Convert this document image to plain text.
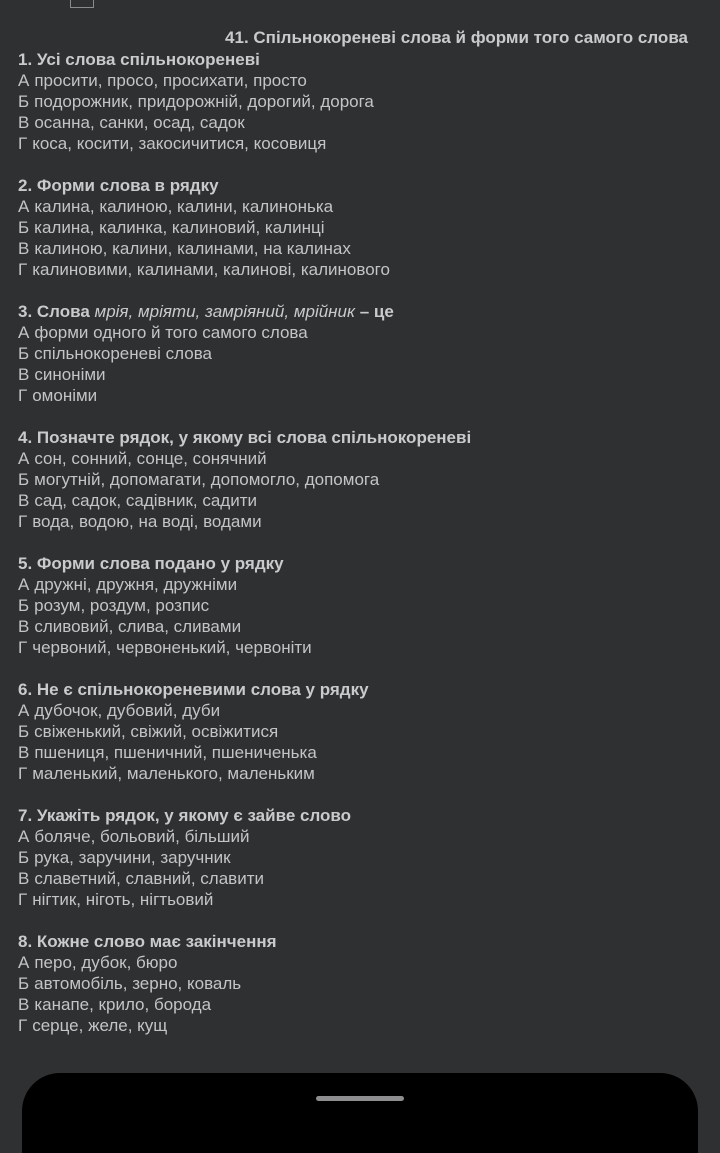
41. Спільнокореневі слова й форми того самого слова
1. Усі слова спільнокореневі
А просити, просо, просихати, просто
Б подорожник, придорожній, дорогий, дорога
В осанна, санки, осад, садок
Г коса, косити, закосичитися, косовиця
2. Форми слова в рядку
А калина, калиною, калини, калинонька
Б калина, калинка, калиновий, калинці
В калиною, калини, калинами, на калинах
Г калиновими, калинами, калинові, калинового
3. Слова мрія, мріяти, замріяний, мрійник – це
А форми одного й того самого слова
Б спільнокореневі слова
В синоніми
Г омоніми
4. Позначте рядок, у якому всі слова спільнокореневі
А сон, сонний, сонце, сонячний
Б могутній, допомагати, допомогло, допомога
В сад, садок, садівник, садити
Г вода, водою, на воді, водами
5. Форми слова подано у рядку
А дружні, дружня, дружніми
Б розум, роздум, розпис
В сливовий, слива, сливами
Г червоний, червоненький, червоніти
6. Не є спільнокореневими слова у рядку
А дубочок, дубовий, дуби
Б свіженький, свіжий, освіжитися
В пшениця, пшеничний, пшениченька
Г маленький, маленького, маленьким
7. Укажіть рядок, у якому є зайве слово
А боляче, больовий, більший
Б рука, заручини, заручник
В славетний, славний, славити
Г нігтик, ніготь, нігтьовий
8. Кожне слово має закінчення
А перо, дубок, бюро
Б автомобіль, зерно, коваль
В канапе, крило, борода
Г серце, желе, кущ
